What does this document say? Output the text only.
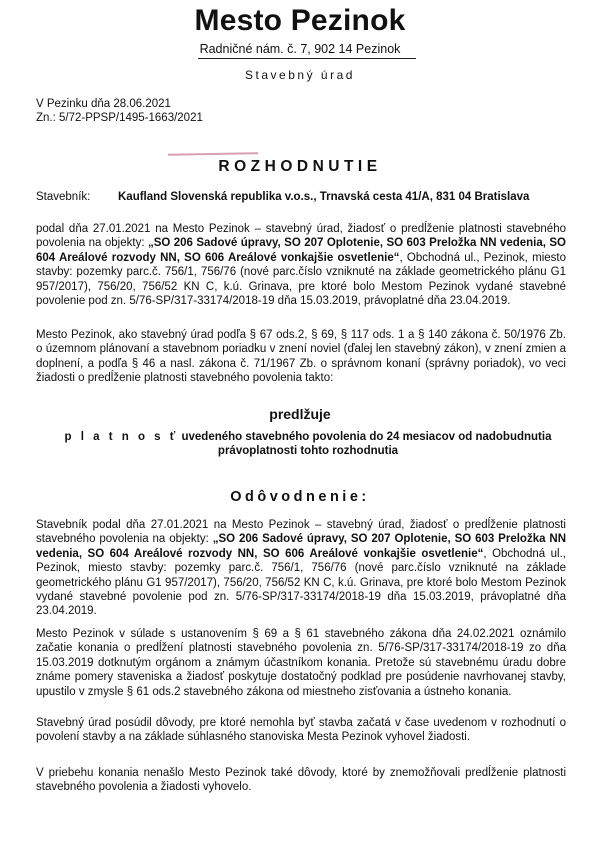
Mesto Pezinok
Radničné nám. č. 7, 902 14 Pezinok
Stavebný úrad
V Pezinku dňa 28.06.2021
Zn.: 5/72-PPSP/1495-1663/2021
ROZHODNUTIE
Stavebník: Kaufland Slovenská republika v.o.s., Trnavská cesta 41/A, 831 04 Bratislava
podal dňa 27.01.2021 na Mesto Pezinok – stavebný úrad, žiadosť o predĺženie platnosti stavebného povolenia na objekty: „SO 206 Sadové úpravy, SO 207 Oplotenie, SO 603 Preložka NN vedenia, SO 604 Areálové rozvody NN, SO 606 Areálové vonkajšie osvetlenie“, Obchodná ul., Pezinok, miesto stavby: pozemky parc.č. 756/1, 756/76 (nové parc.číslo vzniknuté na základe geometrického plánu G1 957/2017), 756/20, 756/52 KN C, k.ú. Grinava, pre ktoré bolo Mestom Pezinok vydané stavebné povolenie pod zn. 5/76-SP/317-33174/2018-19 dňa 15.03.2019, právoplatné dňa 23.04.2019.
Mesto Pezinok, ako stavebný úrad podľa § 67 ods.2, § 69, § 117 ods. 1 a § 140 zákona č. 50/1976 Zb. o územnom plánovaní a stavebnom poriadku v znení noviel (ďalej len stavebný zákon), v znení zmien a doplnení, a podľa § 46 a nasl. zákona č. 71/1967 Zb. o správnom konaní (správny poriadok), vo veci žiadosti o predĺženie platnosti stavebného povolenia takto:
predlžuje
p l a t n o s ť uvedeného stavebného povolenia do 24 mesiacov od nadobudnutia
právoplatnosti tohto rozhodnutia
Odôvodnenie:
Stavebník podal dňa 27.01.2021 na Mesto Pezinok – stavebný úrad, žiadosť o predĺženie platnosti stavebného povolenia na objekty: „SO 206 Sadové úpravy, SO 207 Oplotenie, SO 603 Preložka NN vedenia, SO 604 Areálové rozvody NN, SO 606 Areálové vonkajšie osvetlenie“, Obchodná ul., Pezinok, miesto stavby: pozemky parc.č. 756/1, 756/76 (nové parc.číslo vzniknuté na základe geometrického plánu G1 957/2017), 756/20, 756/52 KN C, k.ú. Grinava, pre ktoré bolo Mestom Pezinok vydané stavebné povolenie pod zn. 5/76-SP/317-33174/2018-19 dňa 15.03.2019, právoplatné dňa 23.04.2019.
Mesto Pezinok v súlade s ustanovením § 69 a § 61 stavebného zákona dňa 24.02.2021 oznámilo začatie konania o predĺžení platnosti stavebného povolenia zn. 5/76-SP/317-33174/2018-19 zo dňa 15.03.2019 dotknutým orgánom a známym účastníkom konania. Pretože sú stavebnému úradu dobre známe pomery staveniska a žiadosť poskytuje dostatočný podklad pre posúdenie navrhovanej stavby, upustilo v zmysle § 61 ods.2 stavebného zákona od miestneho zisťovania a ústneho konania.
Stavebný úrad posúdil dôvody, pre ktoré nemohla byť stavba začatá v čase uvedenom v rozhodnutí o povolení stavby a na základe súhlasného stanoviska Mesta Pezinok vyhovel žiadosti.
V priebehu konania nenašlo Mesto Pezinok také dôvody, ktoré by znemožňovali predĺženie platnosti stavebného povolenia a žiadosti vyhovelo.
